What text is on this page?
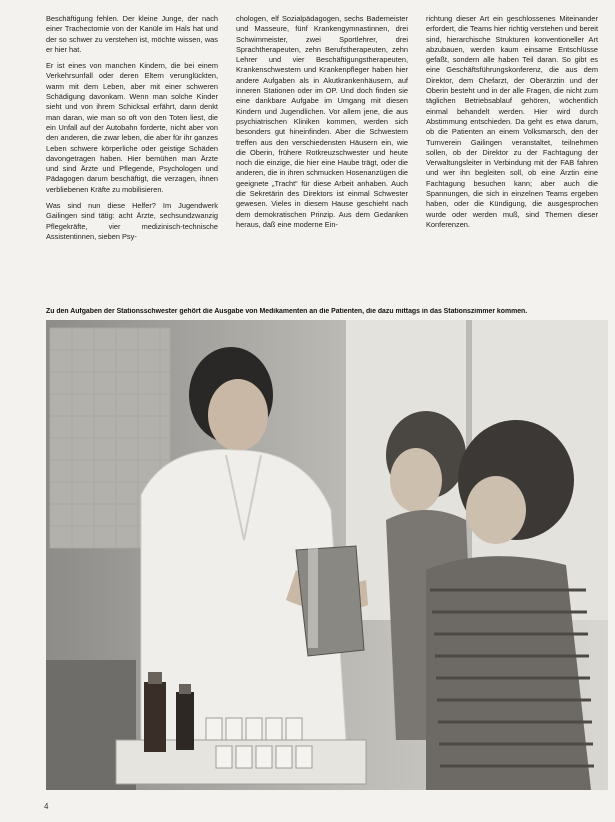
Beschäftigung fehlen. Der kleine Junge, der nach einer Trachectomie von der Kanüle im Hals hat und der so schwer zu verstehen ist, möchte wissen, was er hier hat.

Er ist eines von manchen Kindern, die bei einem Verkehrsunfall oder deren Eltern verunglückten, warm mit dem Leben, aber mit einer schweren Schädigung davonkam. Wenn man solche Kinder sieht und von ihrem Schicksal erfährt, dann denkt man daran, wie man so oft von den Toten liest, die ein Unfall auf der Autobahn forderte, nicht aber von den anderen, die zwar leben, die aber für ihr ganzes Leben schwere körperliche oder geistige Schäden davongetragen haben. Hier bemühen man Ärzte und sind Ärzte und Pflegende, Psychologen und Pädagogen darum beschäftigt, die verzagen, ihnen verbliebenen Kräfte zu mobilisieren.

Was sind nun diese Helfer? Im Jugendwerk Gailingen sind tätig: acht Ärzte, sechsundzwanzig Pflegekräfte, vier medizinisch-technische Assistentinnen, sieben Psy-

chologen, elf Sozialpädagogen, sechs Bademeister und Masseure, fünf Krankengymnastinnen, drei Schwimmeister, zwei Sportlehrer, drei Sprachtherapeuten, zehn Berufstherapeuten, zehn Lehrer und vier Beschäftigungstherapeuten, Krankenschwestern und Krankenpfleger haben hier andere Aufgaben als in Akutkrankenhäusern, auf inneren Stationen oder im OP. Und doch finden sie eine dankbare Aufgabe im Umgang mit diesen Kindern und Jugendlichen. Vor allem jene, die aus psychiatrischen Kliniken kommen, werden sich besonders gut hineinfinden. Aber die Schwestern treffen aus den verschiedensten Häusern ein, wie die Oberin, frühere Rotkreuzschwester und heute noch die einzige, die hier eine Haube trägt, oder die anderen, die in ihren schmucken Hosenanzügen die geeignete „Tracht“ für diese Arbeit anhaben. Auch die Sekretärin des Direktors ist einmal Schwester gewesen. Vieles in diesem Hause geschieht nach dem demokratischen Prinzip. Aus dem Gedanken heraus, daß eine moderne Ein-

richtung dieser Art ein geschlossenes Miteinander erfordert, die Teams hier richtig verstehen und bereit sind, hierarchische Strukturen konventioneller Art abzubauen, werden kaum einsame Entschlüsse gefaßt, sondern alle haben Teil daran. So gibt es eine Geschäftsführungskonferenz, die aus dem Direktor, dem Chefarzt, der Oberärztin und der Oberin besteht und in der alle Fragen, die nicht zum täglichen Betriebsablauf gehören, wöchentlich einmal behandelt werden. Hier wird durch Abstimmung entschieden. Da geht es etwa darum, ob die Patienten an einem Volksmarsch, den der Turnverein Gailingen veranstaltet, teilnehmen sollen, ob der Direktor zu der Fachtagung der Verwaltungsleiter in Verbindung mit der FAB fahren und wer ihn begleiten soll, ob eine Ärztin eine Fachtagung besuchen kann; aber auch die Spannungen, die sich in einzelnen Teams ergeben haben, oder die Kündigung, die ausgesprochen wurde oder werden muß, sind Themen dieser Konferenzen.

Zu den Aufgaben der Stationsschwester gehört die Ausgabe von Medikamenten an die Patienten, die dazu mittags in das Stationszimmer kommen.
4
